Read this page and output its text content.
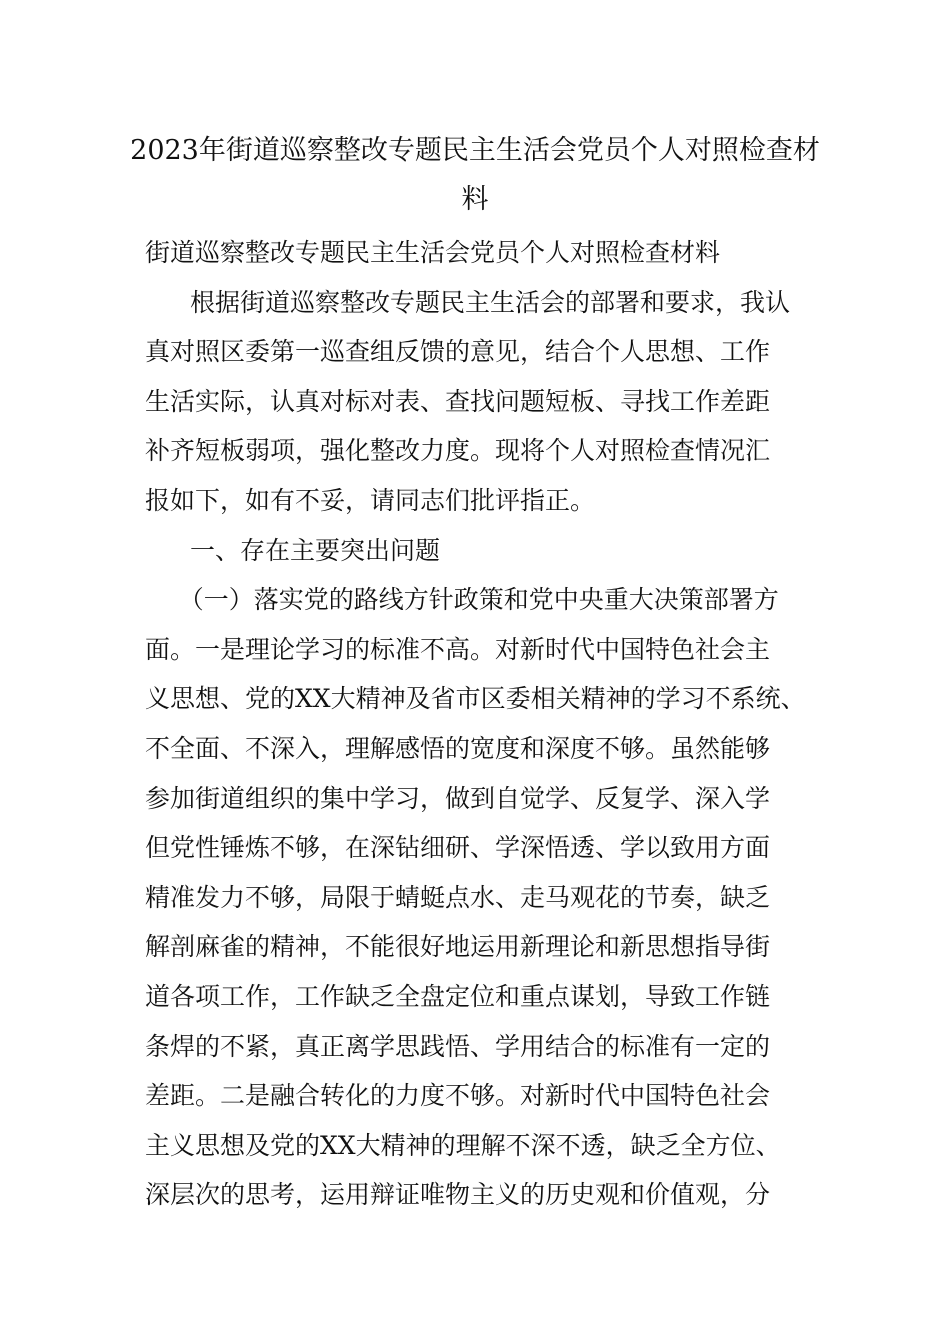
2023年街道巡察整改专题民主生活会党员个人对照检查材
料

街道巡察整改专题民主生活会党员个人对照检查材料

根据街道巡察整改专题民主生活会的部署和要求，我认

真对照区委第一巡查组反馈的意见，结合个人思想、工作

生活实际，认真对标对表、查找问题短板、寻找工作差距

补齐短板弱项，强化整改力度。现将个人对照检查情况汇

报如下，如有不妥，请同志们批评指正。

一、存在主要突出问题

（一）落实党的路线方针政策和党中央重大决策部署方

面。一是理论学习的标准不高。对新时代中国特色社会主

义思想、党的XX大精神及省市区委相关精神的学习不系统、

不全面、不深入，理解感悟的宽度和深度不够。虽然能够

参加街道组织的集中学习，做到自觉学、反复学、深入学

但党性锤炼不够，在深钻细研、学深悟透、学以致用方面

精准发力不够，局限于蜻蜓点水、走马观花的节奏，缺乏

解剖麻雀的精神，不能很好地运用新理论和新思想指导街

道各项工作，工作缺乏全盘定位和重点谋划，导致工作链

条焊的不紧，真正离学思践悟、学用结合的标准有一定的

差距。二是融合转化的力度不够。对新时代中国特色社会

主义思想及党的XX大精神的理解不深不透，缺乏全方位、

深层次的思考，运用辩证唯物主义的历史观和价值观，分
